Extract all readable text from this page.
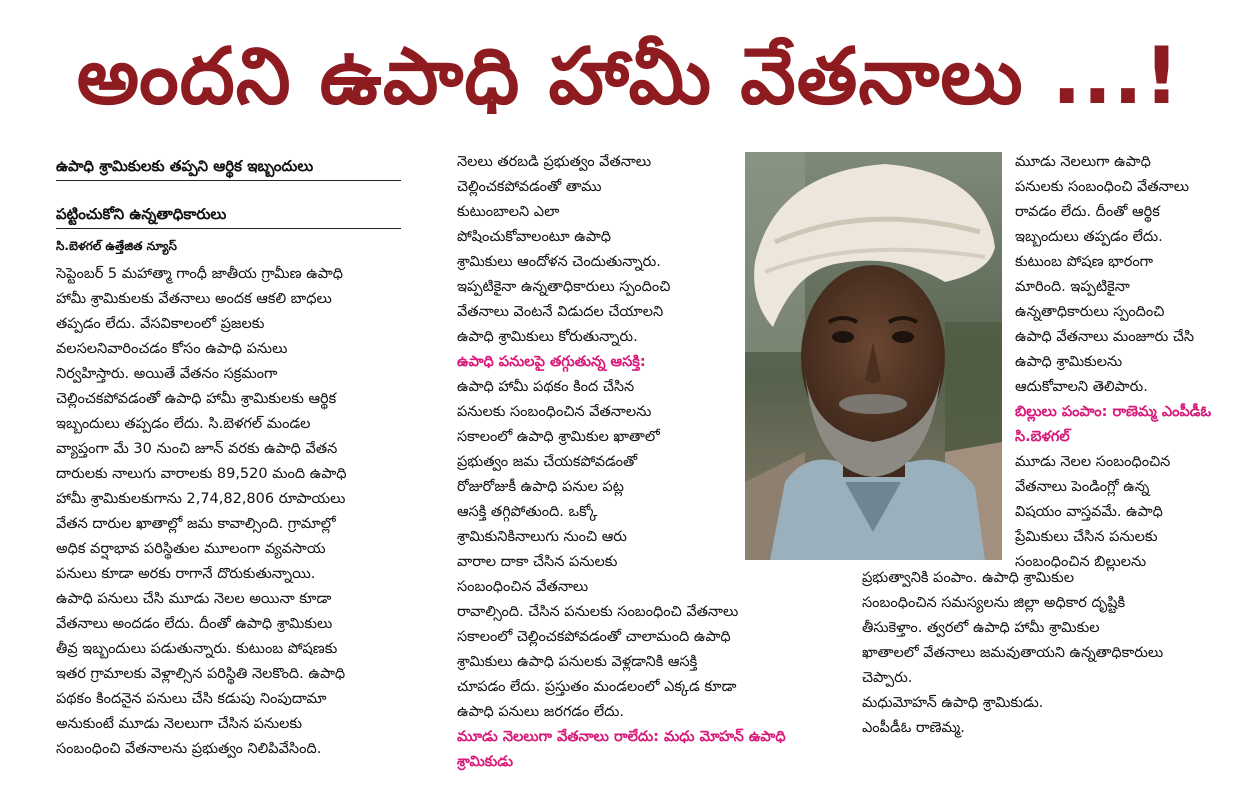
అందని ఉపాధి హామీ వేతనాలు ...!
ఉపాధి శ్రామికులకు తప్పని ఆర్థిక ఇబ్బందులు
పట్టించుకోని ఉన్నతాధికారులు
సి.బెళగల్ ఉత్తేజిత న్యూస్
సెప్టెంబర్ 5 మహాత్మా గాంధీ జాతీయ గ్రామీణ ఉపాధి
హామీ శ్రామికులకు వేతనాలు అందక ఆకలి బాధలు
తప్పడం లేదు. వేసవికాలంలో ప్రజలకు
వలసలనివారించడం కోసం ఉపాధి పనులు
నిర్వహిస్తారు. అయితే వేతనం సక్రమంగా
చెల్లించకపోవడంతో ఉపాధి హామీ శ్రామికులకు ఆర్థిక
ఇబ్బందులు తప్పడం లేదు. సి.బెళగల్ మండల
వ్యాప్తంగా మే 30 నుంచి జూన్ వరకు ఉపాధి వేతన
దారులకు నాలుగు వారాలకు 89,520 మంది ఉపాధి
హామీ శ్రామికులకుగాను 2,74,82,806 రూపాయలు
వేతన దారుల ఖాతాల్లో జమ కావాల్సింది. గ్రామాల్లో
అధిక వర్షాభావ పరిస్థితుల మూలంగా వ్యవసాయ
పనులు కూడా అరకు రాగానే దొరుకుతున్నాయి.
ఉపాధి పనులు చేసి మూడు నెలల అయినా కూడా
వేతనాలు అందడం లేదు. దీంతో ఉపాధి శ్రామికులు
తీవ్ర ఇబ్బందులు పడుతున్నారు. కుటుంబ పోషణకు
ఇతర గ్రామాలకు వెళ్లాల్సిన పరిస్థితి నెలకొంది. ఉపాధి
పథకం కిందనైన పనులు చేసి కడుపు నింపుదామా
అనుకుంటే మూడు నెలలుగా చేసిన పనులకు
సంబంధించి వేతనాలను ప్రభుత్వం నిలిపివేసింది.
నెలలు తరబడి ప్రభుత్వం వేతనాలు
చెల్లించకపోవడంతో తాము
కుటుంబాలని ఎలా
పోషించుకోవాలంటూ ఉపాధి
శ్రామికులు ఆందోళన చెందుతున్నారు.
ఇప్పటికైనా ఉన్నతాధికారులు స్పందించి
వేతనాలు వెంటనే విడుదల చేయాలని
ఉపాధి శ్రామికులు కోరుతున్నారు.
ఉపాధి పనులపై తగ్గుతున్న ఆసక్తి:
ఉపాధి హామీ పథకం కింద చేసిన
పనులకు సంబంధించిన వేతనాలను
సకాలంలో ఉపాధి శ్రామికుల ఖాతాలో
ప్రభుత్వం జమ చేయకపోవడంతో
రోజురోజుకీ ఉపాధి పనుల పట్ల
ఆసక్తి తగ్గిపోతుంది. ఒక్కో
శ్రామికునికినాలుగు నుంచి ఆరు
వారాల దాకా చేసిన పనులకు
సంబంధించిన వేతనాలు
రావాల్సింది. చేసిన పనులకు సంబంధించి వేతనాలు
సకాలంలో చెల్లించకపోవడంతో చాలామంది ఉపాధి
శ్రామికులు ఉపాధి పనులకు వెళ్లడానికి ఆసక్తి
చూపడం లేదు. ప్రస్తుతం మండలంలో ఎక్కడ కూడా
ఉపాధి పనులు జరగడం లేదు.
మూడు నెలలుగా వేతనాలు రాలేదు: మధు మోహన్ ఉపాధి
శ్రామికుడు
మూడు నెలలుగా ఉపాధి
పనులకు సంబంధించి వేతనాలు
రావడం లేదు. దీంతో ఆర్థిక
ఇబ్బందులు తప్పడం లేదు.
కుటుంబ పోషణ భారంగా
మారింది. ఇప్పటికైనా
ఉన్నతాధికారులు స్పందించి
ఉపాధి వేతనాలు మంజూరు చేసి
ఉపాధి శ్రామికులను
ఆదుకోవాలని తెలిపారు.
బిల్లులు పంపాం: రాణెమ్మ ఎంపీడీఓ
సి.బెళగల్
మూడు నెలల సంబంధించిన
వేతనాలు పెండింగ్లో ఉన్న
విషయం వాస్తవమే. ఉపాధి
ప్రేమికులు చేసిన పనులకు
సంబంధించిన బిల్లులను
ప్రభుత్వానికి పంపాం. ఉపాధి శ్రామికుల
సంబంధించిన సమస్యలను జిల్లా అధికార దృష్టికి
తీసుకెళ్తాం. త్వరలో ఉపాధి హామీ శ్రామికుల
ఖాతాలలో వేతనాలు జమవుతాయని ఉన్నతాధికారులు
చెప్పారు.
మధుమోహన్ ఉపాధి శ్రామికుడు.
ఎంపీడీఓ రాణెమ్మ.
